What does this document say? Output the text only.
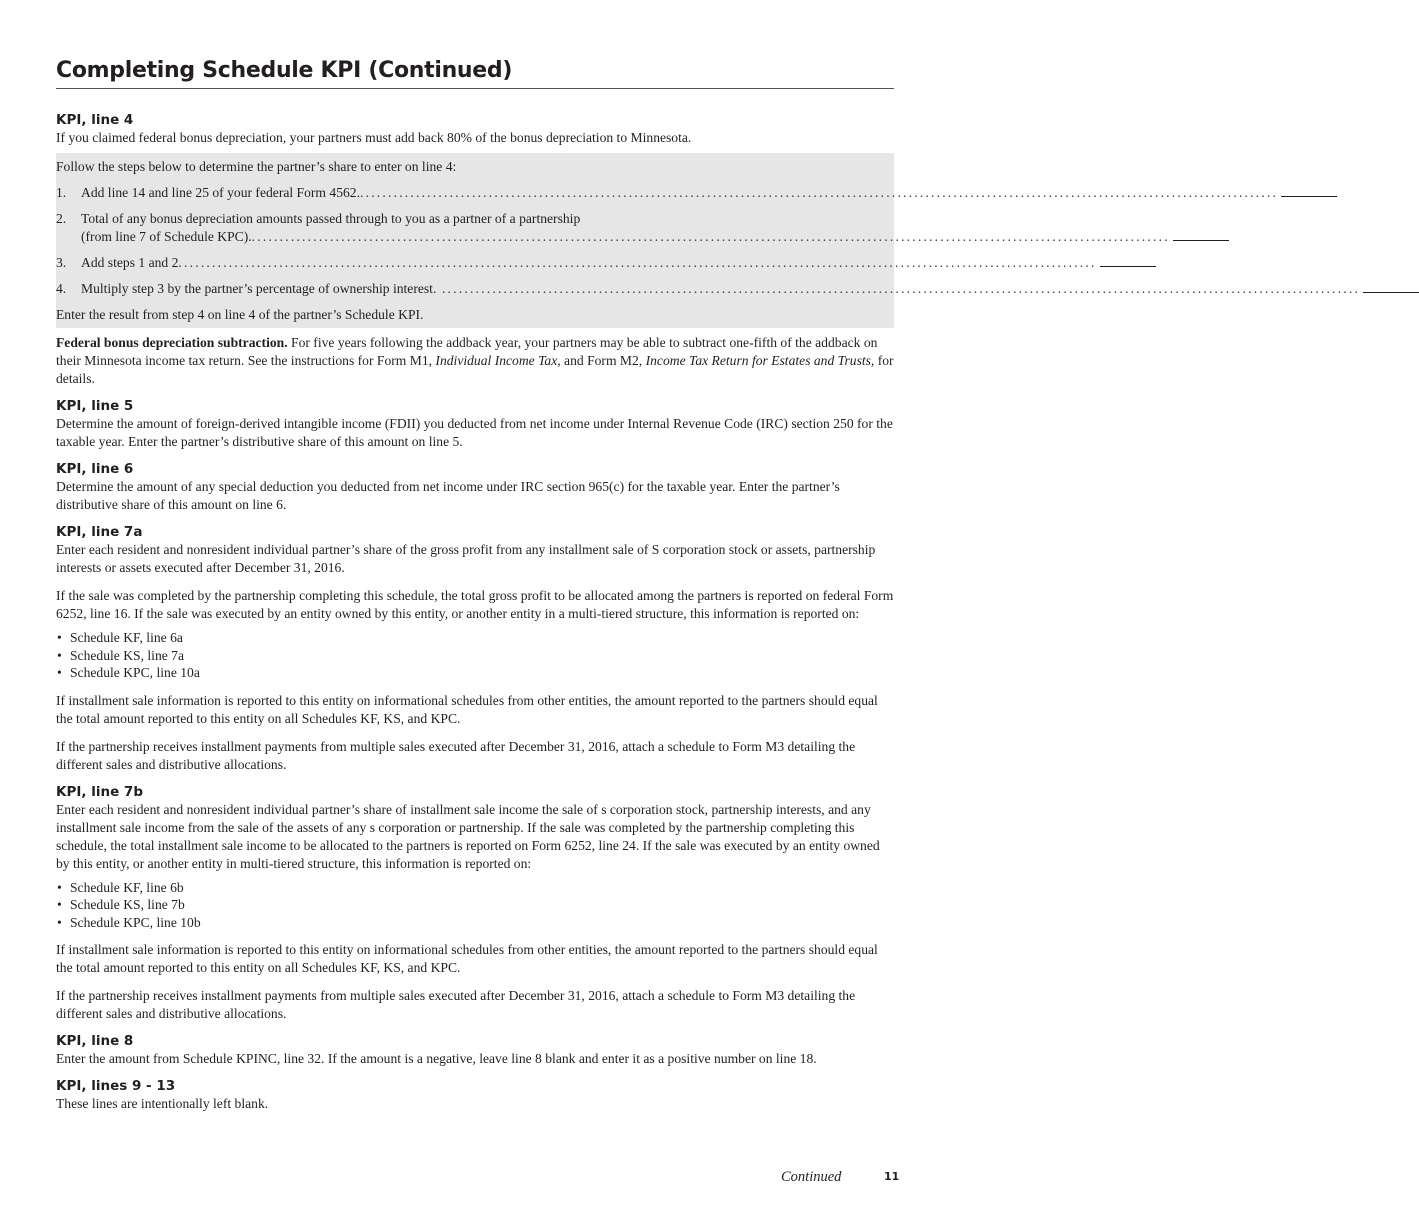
Completing Schedule KPI (Continued)
KPI, line 4

If you claimed federal bonus depreciation, your partners must add back 80% of the bonus depreciation to Minnesota.

Follow the steps below to determine the partner’s share to enter on line 4:

1.	Add line 14 and line 25 of your federal Form 4562. ....................................................................................................................................................................
2.	Total of any bonus depreciation amounts passed through to you as a partner of a partnership
(from line 7 of Schedule KPC). ....................................................................................................................................................................
3.	Add steps 1 and 2 ....................................................................................................................................................................
4.	Multiply step 3 by the partner’s percentage of ownership interest. ....................................................................................................................................................................

Enter the result from step 4 on line 4 of the partner’s Schedule KPI.

Federal bonus depreciation subtraction. For five years following the addback year, your partners may be able to subtract one-fifth of the addback on their Minnesota income tax return. See the instructions for Form M1, Individual Income Tax, and Form M2, Income Tax Return for Estates and Trusts, for details.

KPI, line 5

Determine the amount of foreign-derived intangible income (FDII) you deducted from net income under Internal Revenue Code (IRC) section 250 for the taxable year. Enter the partner’s distributive share of this amount on line 5.

KPI, line 6

Determine the amount of any special deduction you deducted from net income under IRC section 965(c) for the taxable year. Enter the partner’s distributive share of this amount on line 6.

KPI, line 7a

Enter each resident and nonresident individual partner’s share of the gross profit from any installment sale of S corporation stock or assets, partnership interests or assets executed after December 31, 2016.

If the sale was completed by the partnership completing this schedule, the total gross profit to be allocated among the partners is reported on federal Form 6252, line 16. If the sale was executed by an entity owned by this entity, or another entity in a multi-tiered structure, this information is reported on:

• Schedule KF, line 6a
• Schedule KS, line 7a
• Schedule KPC, line 10a

If installment sale information is reported to this entity on informational schedules from other entities, the amount reported to the partners should equal the total amount reported to this entity on all Schedules KF, KS, and KPC.

If the partnership receives installment payments from multiple sales executed after December 31, 2016, attach a schedule to Form M3 detailing the different sales and distributive allocations.

KPI, line 7b

Enter each resident and nonresident individual partner’s share of installment sale income the sale of s corporation stock, partnership interests, and any installment sale income from the sale of the assets of any s corporation or partnership. If the sale was completed by the partnership completing this schedule, the total installment sale income to be allocated to the partners is reported on Form 6252, line 24. If the sale was executed by an entity owned by this entity, or another entity in multi-tiered structure, this information is reported on:

• Schedule KF, line 6b
• Schedule KS, line 7b
• Schedule KPC, line 10b

If installment sale information is reported to this entity on informational schedules from other entities, the amount reported to the partners should equal the total amount reported to this entity on all Schedules KF, KS, and KPC.

If the partnership receives installment payments from multiple sales executed after December 31, 2016, attach a schedule to Form M3 detailing the different sales and distributive allocations.

KPI, line 8

Enter the amount from Schedule KPINC, line 32. If the amount is a negative, leave line 8 blank and enter it as a positive number on line 18.

KPI, lines 9 - 13

These lines are intentionally left blank.

Continued	11
